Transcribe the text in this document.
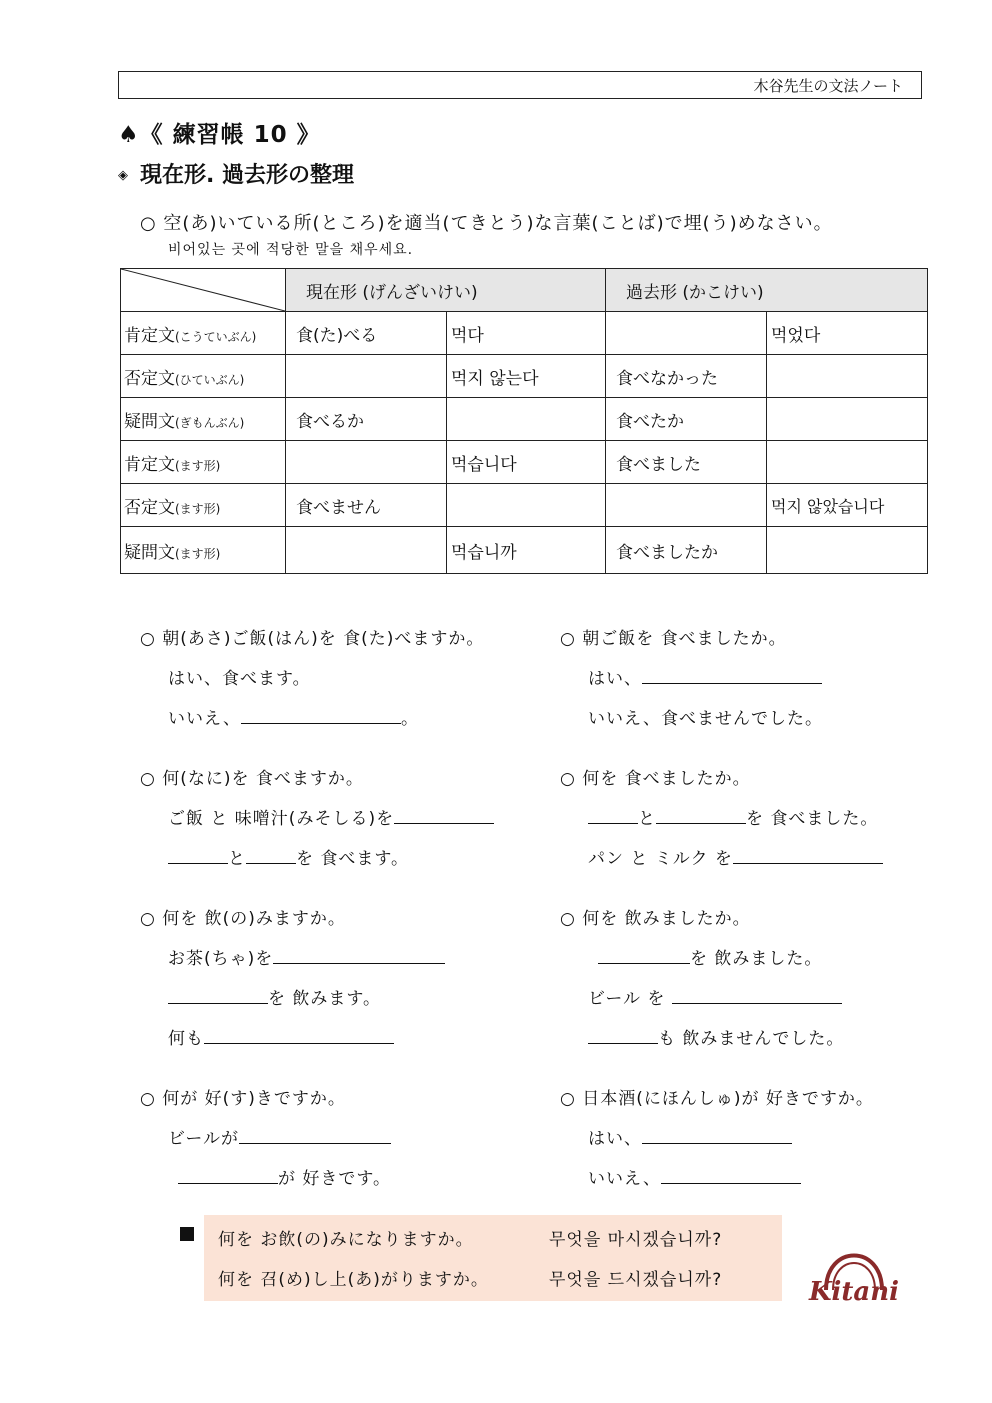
木谷先生の文法ノート
♠《 練習帳 10 》
◈ 現在形. 過去形の整理
○ 空(あ)いている所(ところ)を適当(てきとう)な言葉(ことば)で埋(う)めなさい。
비어있는 곳에 적당한 말을 채우세요.
	現在形 (げんざいけい)		過去形 (かこけい)	
肯定文(こうていぶん)	食(た)べる	먹다		먹었다
否定文(ひていぶん)		먹지 않는다	食べなかった	
疑問文(ぎもんぶん)	食べるか		食べたか	
肯定文(ます形)		먹습니다	食べました	
否定文(ます形)	食べません			먹지 않았습니다
疑問文(ます形)		먹습니까	食べましたか	
○ 朝(あさ)ご飯(はん)を 食(た)べますか。
はい、食べます。
いいえ、	。
○ 何(なに)を 食べますか。
ご飯 と 味噌汁(みそしる)を
と	を 食べます。
○ 何を 飲(の)みますか。
お茶(ちゃ)を
を 飲みます。
何も
○ 何が 好(す)きですか。
ビールが
が 好きです。
○ 朝ご飯を 食べましたか。
はい、
いいえ、食べませんでした。
○ 何を 食べましたか。
と	を 食べました。
パン と ミルク を
○ 何を 飲みましたか。
を 飲みました。
ビール を
も 飲みませんでした。
○ 日本酒(にほんしゅ)が 好きですか。
はい、
いいえ、
何を お飲(の)みになりますか。	무엇을 마시겠습니까?
何を 召(め)し上(あ)がりますか。	무엇을 드시겠습니까?	Kitani
